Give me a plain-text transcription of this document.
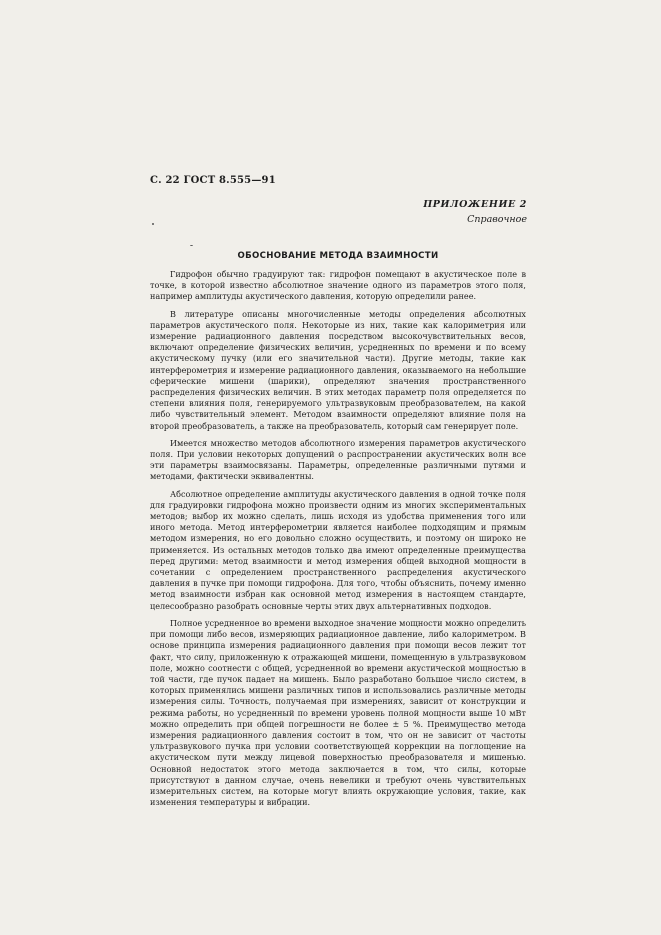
С. 22 ГОСТ 8.555—91
ПРИЛОЖЕНИЕ 2
Справочное
ОБОСНОВАНИЕ МЕТОДА ВЗАИМНОСТИ

Гидрофон обычно градуируют так: гидрофон помещают в акустическое поле в точке, в которой известно абсолютное значение одного из параметров этого поля, например амплитуды акустического давления, которую определили ранее.

В литературе описаны многочисленные методы определения абсолютных параметров акустического поля. Некоторые из них, такие как калориметрия или измерение радиационного давления посредством высокочувствительных весов, включают определение физических величин, усредненных по времени и по всему акустическому пучку (или его значительной части). Другие методы, такие как интерферометрия и измерение радиационного давления, оказываемого на небольшие сферические мишени (шарики), определяют значения пространственного распределения физических величин. В этих методах параметр поля определяется по степени влияния поля, генерируемого ультразвуковым преобразователем, на какой либо чувствительный элемент. Методом взаимности определяют влияние поля на второй преобразователь, а также на преобразователь, который сам генерирует поле.

Имеется множество методов абсолютного измерения параметров акустического поля. При условии некоторых допущений о распространении акустических волн все эти параметры взаимосвязаны. Параметры, определенные различными путями и методами, фактически эквивалентны.

Абсолютное определение амплитуды акустического давления в одной точке поля для градуировки гидрофона можно произвести одним из многих экспериментальных методов; выбор их можно сделать, лишь исходя из удобства применения того или иного метода. Метод интерферометрии является наиболее подходящим и прямым методом измерения, но его довольно сложно осуществить, и поэтому он широко не применяется. Из остальных методов только два имеют определенные преимущества перед другими: метод взаимности и метод измерения общей выходной мощности в сочетании с определением пространственного распределения акустического давления в пучке при помощи гидрофона. Для того, чтобы объяснить, почему именно метод взаимности избран как основной метод измерения в настоящем стандарте, целесообразно разобрать основные черты этих двух альтернативных подходов.

Полное усредненное во времени выходное значение мощности можно определить при помощи либо весов, измеряющих радиационное давление, либо калориметром. В основе принципа измерения радиационного давления при помощи весов лежит тот факт, что силу, приложенную к отражающей мишени, помещенную в ультразвуковом поле, можно соотнести с общей, усредненной во времени акустической мощностью в той части, где пучок падает на мишень. Было разработано большое число систем, в которых применялись мишени различных типов и использовались различные методы измерения силы. Точность, получаемая при измерениях, зависит от конструкции и режима работы, но усредненный по времени уровень полной мощности выше 10 мВт можно определить при общей погрешности не более ± 5 %. Преимущество метода измерения радиационного давления состоит в том, что он не зависит от частоты ультразвукового пучка при условии соответствующей коррекции на поглощение на акустическом пути между лицевой поверхностью преобразователя и мишенью. Основной недостаток этого метода заключается в том, что силы, которые присутствуют в данном случае, очень невелики и требуют очень чувствительных измерительных систем, на которые могут влиять окружающие условия, такие, как изменения температуры и вибрации.
